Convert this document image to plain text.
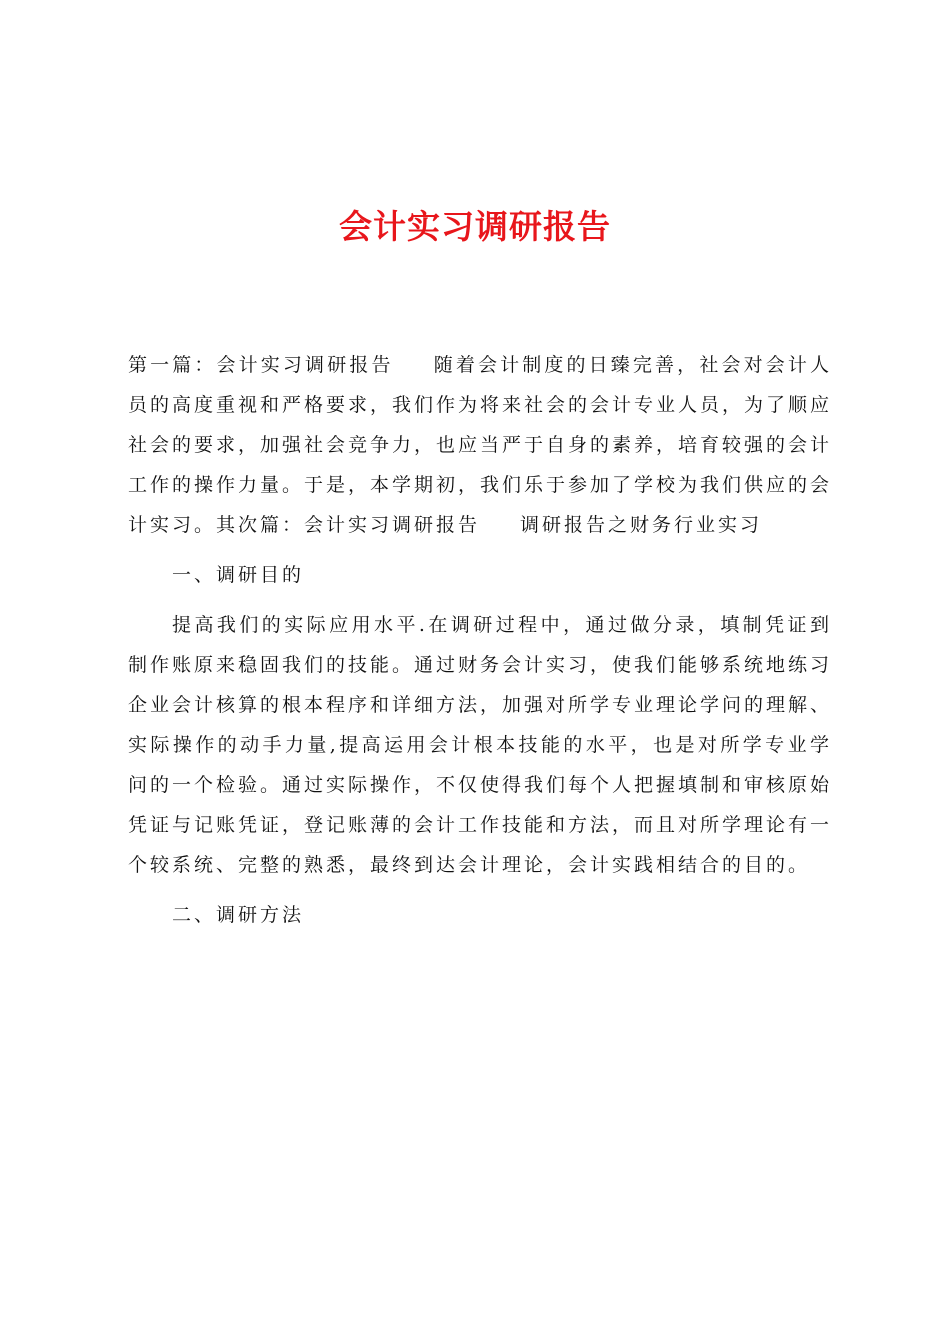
会计实习调研报告

第一篇：会计实习调研报告 随着会计制度的日臻完善，社会对会计人员的高度重视和严格要求，我们作为将来社会的会计专业人员，为了顺应社会的要求，加强社会竞争力，也应当严于自身的素养，培育较强的会计工作的操作力量。于是，本学期初，我们乐于参加了学校为我们供应的会计实习。其次篇：会计实习调研报告 调研报告之财务行业实习

一、调研目的

提高我们的实际应用水平.在调研过程中，通过做分录，填制凭证到制作账原来稳固我们的技能。通过财务会计实习，使我们能够系统地练习企业会计核算的根本程序和详细方法，加强对所学专业理论学问的理解、实际操作的动手力量,提高运用会计根本技能的水平，也是对所学专业学问的一个检验。通过实际操作，不仅使得我们每个人把握填制和审核原始凭证与记账凭证，登记账薄的会计工作技能和方法，而且对所学理论有一个较系统、完整的熟悉，最终到达会计理论，会计实践相结合的目的。

二、调研方法
